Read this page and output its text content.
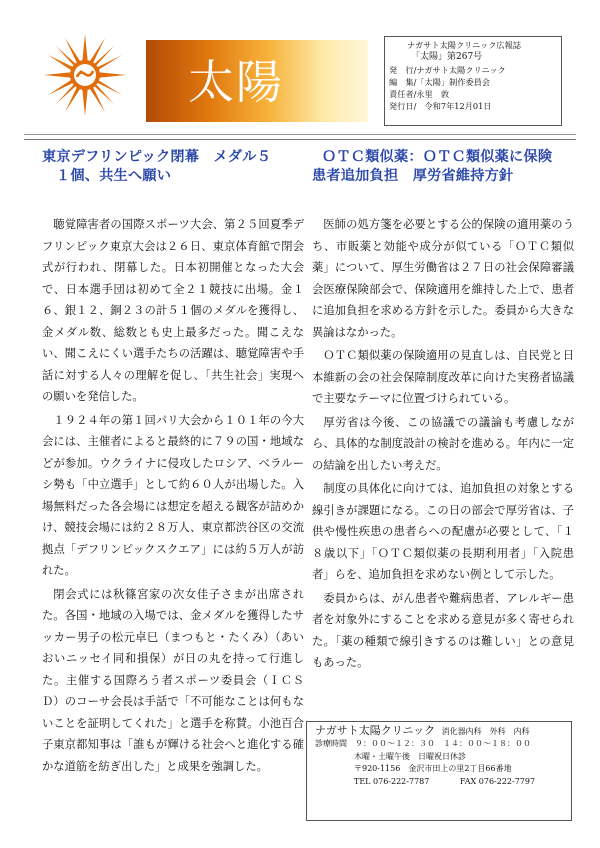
太陽
ナガサト太陽クリニック広報誌
「太陽」第267号
発　行/ナガサト太陽クリニック
編　集/「太陽」制作委員会
責任者/永里　敦
発行日/　令和7年12月01日
東京デフリンピック閉幕　メダル５
１個、共生へ願い

聴覚障害者の国際スポーツ大会、第２５回夏季デフリンピック東京大会は２６日、東京体育館で閉会式が行われ、閉幕した。日本初開催となった大会で、日本選手団は初めて全２１競技に出場。金１６、銀１２、銅２３の計５１個のメダルを獲得し、金メダル数、総数とも史上最多だった。聞こえない、聞こえにくい選手たちの活躍は、聴覚障害や手話に対する人々の理解を促し、「共生社会」実現への願いを発信した。

１９２４年の第１回パリ大会から１０１年の今大会には、主催者によると最終的に７９の国・地域などが参加。ウクライナに侵攻したロシア、ベラルーシ勢も「中立選手」として約６０人が出場した。入場無料だった各会場には想定を超える観客が詰めかけ、競技会場には約２８万人、東京都渋谷区の交流拠点「デフリンピックスクエア」には約５万人が訪れた。

閉会式には秋篠宮家の次女佳子さまが出席された。各国・地域の入場では、金メダルを獲得したサッカー男子の松元卓巳（まつもと・たくみ）（あいおいニッセイ同和損保）が日の丸を持って行進した。主催する国際ろう者スポーツ委員会（ＩＣＳＤ）のコーサ会長は手話で「不可能なことは何もないことを証明してくれた」と選手を称賛。小池百合子東京都知事は「誰もが輝ける社会へと進化する確かな道筋を紡ぎ出した」と成果を強調した。

ＯＴＣ類似薬：ＯＴＣ類似薬に保険
患者追加負担　厚労省維持方針

医師の処方箋を必要とする公的保険の適用薬のうち、市販薬と効能や成分が似ている「ＯＴＣ類似薬」について、厚生労働省は２７日の社会保障審議会医療保険部会で、保険適用を維持した上で、患者に追加負担を求める方針を示した。委員から大きな異論はなかった。

ＯＴＣ類似薬の保険適用の見直しは、自民党と日本維新の会の社会保障制度改革に向けた実務者協議で主要なテーマに位置づけられている。

厚労省は今後、この協議での議論も考慮しながら、具体的な制度設計の検討を進める。年内に一定の結論を出したい考えだ。

制度の具体化に向けては、追加負担の対象とする線引きが課題になる。この日の部会で厚労省は、子供や慢性疾患の患者らへの配慮が必要として、「１８歳以下」「ＯＴＣ類似薬の長期利用者」「入院患者」らを、追加負担を求めない例として示した。

委員からは、がん患者や難病患者、アレルギー患者を対象外にすることを求める意見が多く寄せられた。「薬の種類で線引きするのは難しい」との意見もあった。

ナガサト太陽クリニック 消化器内科　外科　内科
診療時間　９：００〜１２：３０　１４：００〜１８：００
木曜・土曜午後　日曜祝日休診
〒920-1156　金沢市田上の里2丁目66番地
TEL 076-222-7787	FAX 076-222-7797
